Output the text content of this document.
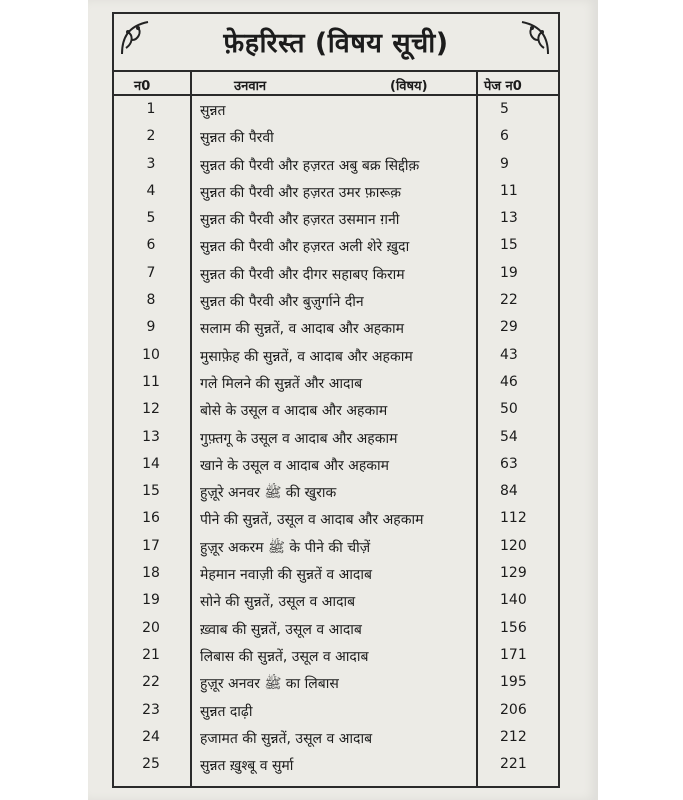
फ़ेहरिस्त (विषय सूची)
न0	उनवान	(विषय)	पेज न0
1	सुन्नत	5
2	सुन्नत की पैरवी	6
3	सुन्नत की पैरवी और हज़रत अबु बक्र सिद्दीक़	9
4	सुन्नत की पैरवी और हज़रत उमर फ़ारूक़	11
5	सुन्नत की पैरवी और हज़रत उसमान ग़नी	13
6	सुन्नत की पैरवी और हज़रत अली शेरे ख़ुदा	15
7	सुन्नत की पैरवी और दीगर सहाबए किराम	19
8	सुन्नत की पैरवी और बुज़ुर्गाने दीन	22
9	सलाम की सुन्नतें, व आदाब और अहकाम	29
10	मुसाफ़ेह की सुन्नतें, व आदाब और अहकाम	43
11	गले मिलने की सुन्नतें और आदाब	46
12	बोसे के उसूल व आदाब और अहकाम	50
13	गुफ़्तगू के उसूल व आदाब और अहकाम	54
14	खाने के उसूल व आदाब और अहकाम	63
15	हुज़ूरे अनवर ﷺ की खुराक	84
16	पीने की सुन्नतें, उसूल व आदाब और अहकाम	112
17	हुज़ूर अकरम ﷺ के पीने की चीज़ें	120
18	मेहमान नवाज़ी की सुन्नतें व आदाब	129
19	सोने की सुन्नतें, उसूल व आदाब	140
20	ख़्वाब की सुन्नतें, उसूल व आदाब	156
21	लिबास की सुन्नतें, उसूल व आदाब	171
22	हुज़ूर अनवर ﷺ का लिबास	195
23	सुन्नत दाढ़ी	206
24	हजामत की सुन्नतें, उसूल व आदाब	212
25	सुन्नत ख़ुश्बू व सुर्मा	221
